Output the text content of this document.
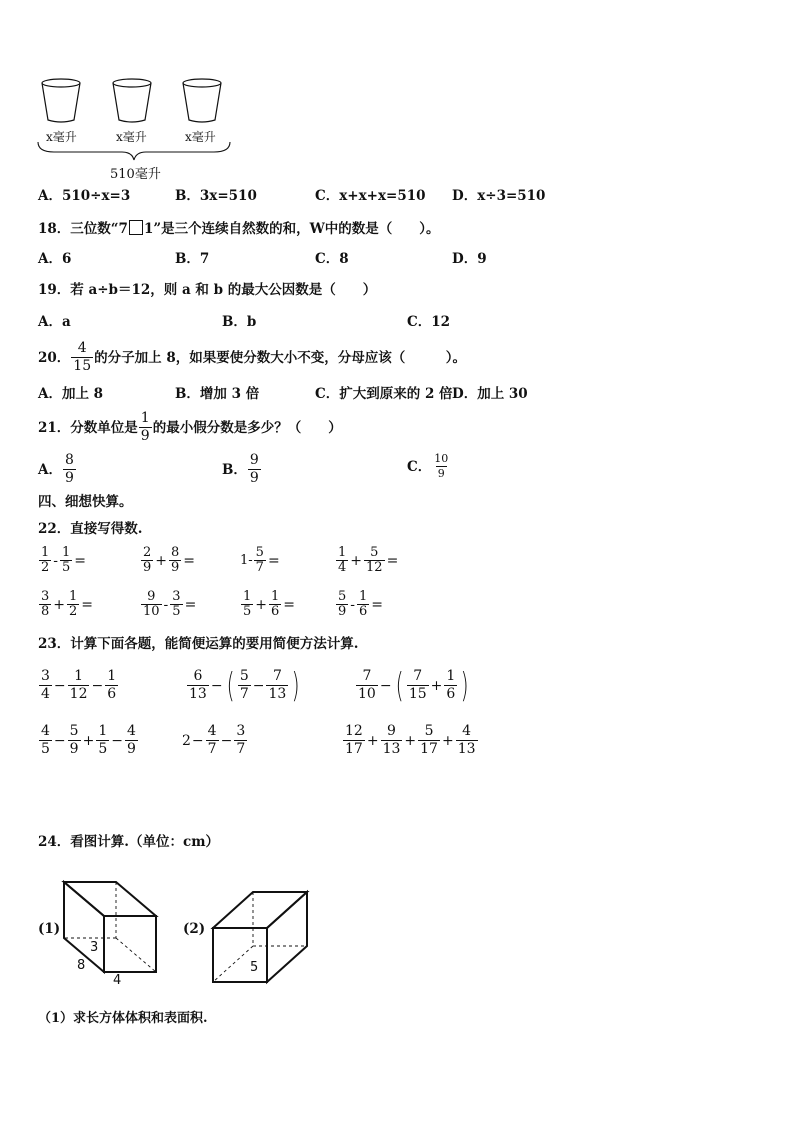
x毫升	x毫升	x毫升
510毫升
A．510÷x=3	B．3x=510	C．x+x+x=510 D．x÷3=510
18．三位数“7 1”是三个连续自然数的和，W中的数是（　　）。
A．6	B．7	C．8	D．9
19．若 a÷b＝12，则 a 和 b 的最大公因数是（　　）
A．a	B．b	C．12
20． $\frac{4}{15}$ 的分子加上 8，如果要使分数大小不变，分母应该（　　　）。
A．加上 8	B．增加 3 倍	C．扩大到原来的 2 倍 D．加上 30
21．分数单位是 $\frac{1}{9}$ 的最小假分数是多少？（　　）
A． $\frac{8}{9}$	B． $\frac{9}{9}$	C． $\frac{10}{9}$
四、细想快算。
22．直接写得数.
23．计算下面各题，能简便运算的要用简便方法计算.
24．看图计算.（单位：cm）
(1)
3
8
4
(2)
5
（1）求长方体体积和表面积.
$\frac{1}{2} - \frac{1}{5}$ =	$\frac{2}{9} + \frac{8}{9}$ =	$1- \frac{5}{7}$ =	$\frac{1}{4} + \frac{5}{12}$ =
$\frac{3}{8} + \frac{1}{2}$ =	$\frac{9}{10} - \frac{3}{5}$ =	$\frac{1}{5} + \frac{1}{6}$ =	$\frac{5}{9} - \frac{1}{6}$ =
$\frac{3}{4} - \frac{1}{12} - \frac{1}{6}$	$\frac{6}{13}$ − ( $\frac{5}{7} - \frac{7}{13}$ )	$\frac{7}{10}$ − ( $\frac{7}{15} + \frac{1}{6}$ )
$\frac{4}{5} - \frac{5}{9} + \frac{1}{5} - \frac{4}{9}$	$2 - \frac{4}{7} - \frac{3}{7}$	$\frac{12}{17} + \frac{9}{13} + \frac{5}{17} + \frac{4}{13}$
